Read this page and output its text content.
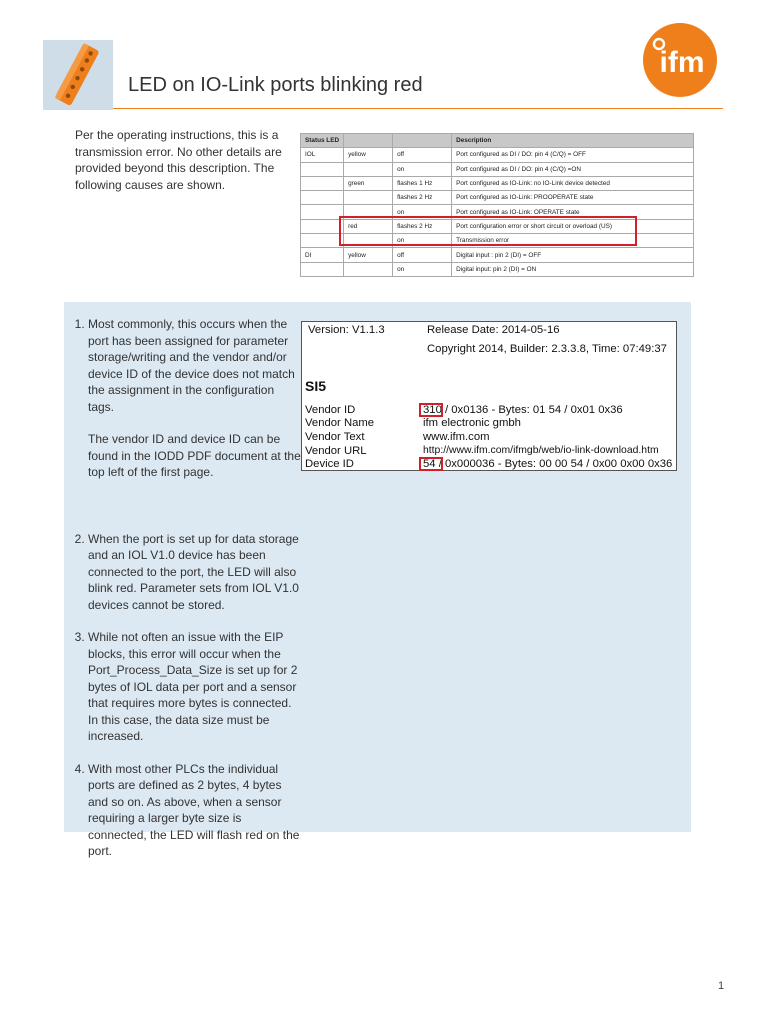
LED on IO-Link ports blinking red
ifm
Per the operating instructions, this is a transmission error. No other details are provided beyond this description. The following causes are shown.
Status LED			Description
IOL	yellow	off	Port configured as DI / DO: pin 4 (C/Q) = OFF
		on	Port configured as DI / DO: pin 4 (C/Q) =ON
	green	flashes 1 Hz	Port configured as IO-Link: no IO-Link device detected
		flashes 2 Hz	Port configured as IO-Link: PROOPERATE state
		on	Port configured as IO-Link: OPERATE state
	red	flashes 2 Hz	Port configuration error or short circuit or overload (US)
		on	Transmission error
DI	yellow	off	Digital input : pin 2 (DI) = OFF
		on	Digital input: pin 2 (DI) = ON

1. Most commonly, this occurs when the port has been assigned for parameter storage/writing and the vendor and/or device ID of the device does not match the assignment in the configuration tags.

The vendor ID and device ID can be found in the IODD PDF document at the top left of the first page.

2. When the port is set up for data storage and an IOL V1.0 device has been connected to the port, the LED will also blink red. Parameter sets from IOL V1.0 devices cannot be stored.

3. While not often an issue with the EIP blocks, this error will occur when the Port_Process_Data_Size is set up for 2 bytes of IOL data per port and a sensor that requires more bytes is connected. In this case, the data size must be increased.

4. With most other PLCs the individual ports are defined as 2 bytes, 4 bytes and so on. As above, when a sensor requiring a larger byte size is connected, the LED will flash red on the port.

Version: V1.1.3	Release Date: 2014-05-16
Copyright 2014, Builder: 2.3.3.8, Time: 07:49:37
SI5
Vendor ID	310 / 0x0136 - Bytes: 01 54 / 0x01 0x36
Vendor Name	ifm electronic gmbh
Vendor Text	www.ifm.com
Vendor URL	http://www.ifm.com/ifmgb/web/io-link-download.htm
Device ID	54 / 0x000036 - Bytes: 00 00 54 / 0x00 0x00 0x36
1
